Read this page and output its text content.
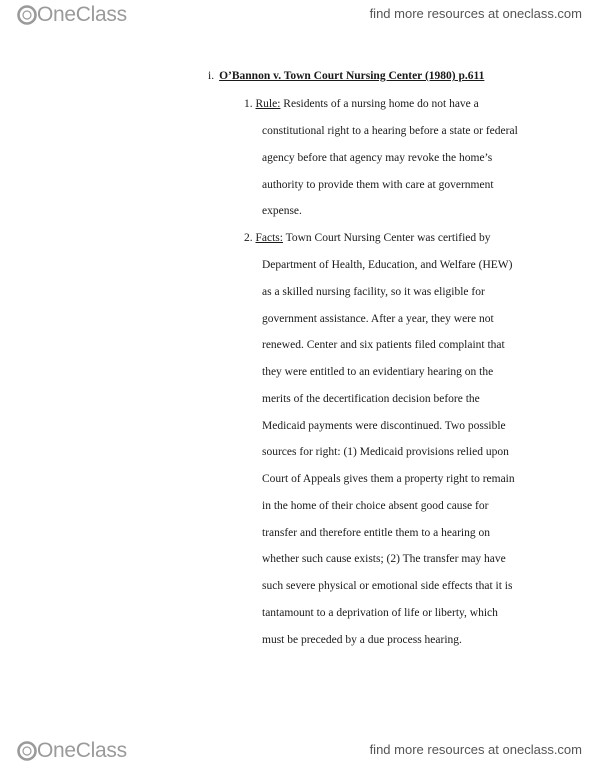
OneClass	find more resources at oneclass.com
i. O’Bannon v. Town Court Nursing Center (1980) p.611
1. Rule: Residents of a nursing home do not have a
constitutional right to a hearing before a state or federal
agency before that agency may revoke the home’s
authority to provide them with care at government
expense.
2. Facts: Town Court Nursing Center was certified by
Department of Health, Education, and Welfare (HEW)
as a skilled nursing facility, so it was eligible for
government assistance. After a year, they were not
renewed. Center and six patients filed complaint that
they were entitled to an evidentiary hearing on the
merits of the decertification decision before the
Medicaid payments were discontinued. Two possible
sources for right: (1) Medicaid provisions relied upon
Court of Appeals gives them a property right to remain
in the home of their choice absent good cause for
transfer and therefore entitle them to a hearing on
whether such cause exists; (2) The transfer may have
such severe physical or emotional side effects that it is
tantamount to a deprivation of life or liberty, which
must be preceded by a due process hearing.
OneClass	find more resources at oneclass.com
